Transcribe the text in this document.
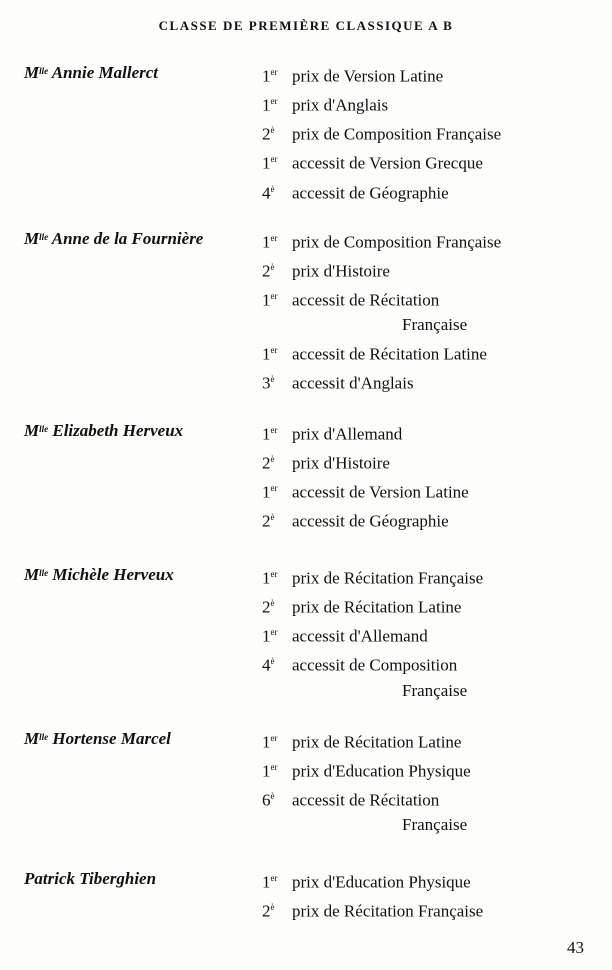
CLASSE DE PREMIÈRE CLASSIQUE A B
$M^{lle}$ Annie Mallerct	1er prix de Version Latine
1er prix d'Anglais
$2^è$ prix de Composition Française
1er accessit de Version Grecque
$4^è$ accessit de Géographie
$M^{lle}$ Anne de la Fournière	1er prix de Composition Française
$2^è$ prix d'Histoire
1er accessit de Récitation
Française
1er accessit de Récitation Latine
$3^è$ accessit d'Anglais
$M^{lle}$ Elizabeth Herveux	1er prix d'Allemand
$2^è$ prix d'Histoire
1er accessit de Version Latine
$2^è$ accessit de Géographie
$M^{lle}$ Michèle Herveux	1er prix de Récitation Française
$2^è$ prix de Récitation Latine
1er accessit d'Allemand
$4^è$ accessit de Composition
Française
$M^{lle}$ Hortense Marcel	1er prix de Récitation Latine
1er prix d'Education Physique
$6^è$ accessit de Récitation
Française
Patrick Tiberghien	1er prix d'Education Physique
$2^è$ prix de Récitation Française
43
